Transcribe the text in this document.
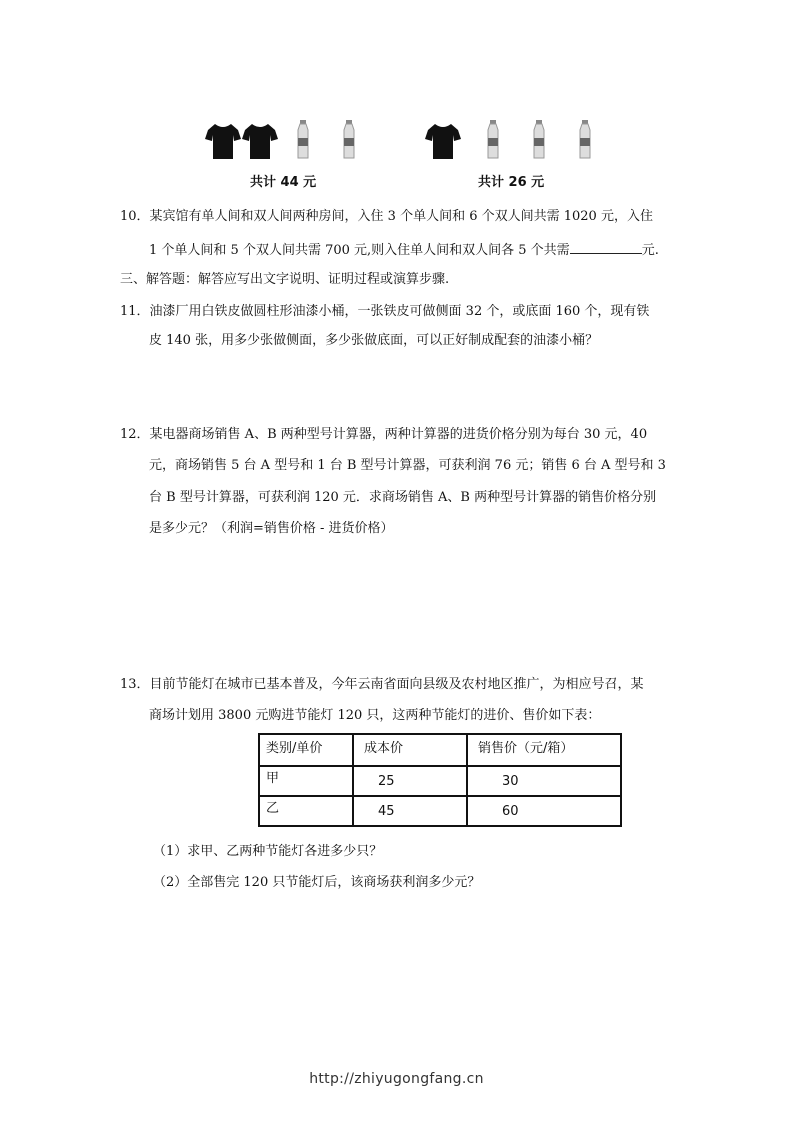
共计 44 元	共计 26 元
10．某宾馆有单人间和双人间两种房间，入住 3 个单人间和 6 个双人间共需 1020 元，入住
1 个单人间和 5 个双人间共需 700 元,则入住单人间和双人间各 5 个共需	元.
三、解答题：解答应写出文字说明、证明过程或演算步骤.
11．油漆厂用白铁皮做圆柱形油漆小桶，一张铁皮可做侧面 32 个，或底面 160 个，现有铁
皮 140 张，用多少张做侧面，多少张做底面，可以正好制成配套的油漆小桶？
12．某电器商场销售 A、B 两种型号计算器，两种计算器的进货价格分别为每台 30 元，40
元，商场销售 5 台 A 型号和 1 台 B 型号计算器，可获利润 76 元；销售 6 台 A 型号和 3
台 B 型号计算器，可获利润 120 元．求商场销售 A、B 两种型号计算器的销售价格分别
是多少元？（利润=销售价格 - 进货价格）
13．目前节能灯在城市已基本普及，今年云南省面向县级及农村地区推广，为相应号召，某
商场计划用 3800 元购进节能灯 120 只，这两种节能灯的进价、售价如下表：
类别/单价	成本价	销售价（元/箱）
甲	25	30
乙	45	60
（1）求甲、乙两种节能灯各进多少只？
（2）全部售完 120 只节能灯后，该商场获利润多少元？
http://zhiyugongfang.cn
